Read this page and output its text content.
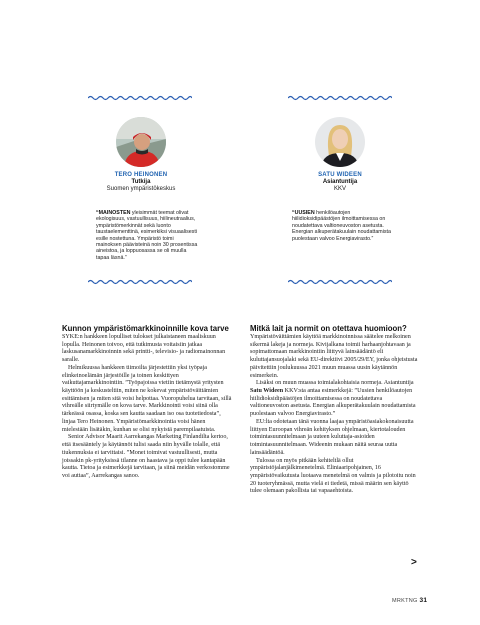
TERO HEINONEN
Tutkija
Suomen ympäristökeskus
SATU WIDEEN
Asiantuntija
KKV
“MAINOSTEN yleisimmät teemat olivat ekologisuus, vastuullisuus, hiilineutraalius, ympäristömerkinnät sekä luonto taustaelementtinä, esimerkiksi visuaalisesti esille nostettuna. Ympäristö toimi mainoksen päävisteinä noin 30 prosentissa aineistoa, ja loppuosassa se oli muulla tapaa läsnä.”
“UUSIEN henkilöautojen hiilidioksidipäästöjen ilmoittamisessa on noudatettava valtioneuvoston asetusta. Energian alkuperätakuulain noudattamista puolestaan valvoo Energiavirasto.”
Kunnon ympäristömarkkinoinnille kova tarve

SYKE:n hankkeen lopulliset tulokset julkaistaneen maaliskuun lopulla. Heinonen toivoo, että tutkimusta voitaisiin jatkaa laskusanamarkkinoinnin sekä printti-, televisio- ja radiomainonnan saralle.

Helmikuussa hankkeen tiimoilta järjestettiin yksi työpaja elinkeinoelämän järjestöille ja toinen keskittyen vaikuttajamarkkinointiin. ”Työpajoissa vietiin tietämystä yritysten käyttöön ja keskusteltiin, miten ne kokevat ympäristöväittämien esittämisen ja miten sitä voisi helpottaa. Vuoropuhelua tarvitaan, sillä vihreälle siirtymälle on kova tarve. Markkinointi voisi siinä olla tärkeässä osassa, koska sen kautta saadaan iso osa tuotetiedosta”, linjaa Tero Heinonen. Ympäristömarkkinointia voisi hänen mielestään lisätäkin, kunhan se olisi nykyistä parempilaatuista.

Senior Advisor Maarit Aarrekangas Marketing Finlandilta kertoo, että itsesääntely ja käytännöt tulisi saada niin hyvälle tolalle, että tiukennuksia ei tarvittaisi. ”Monet toimivat vastuullisesti, mutta joissakin pk-yrityksissä tilanne on haastava ja oppi tulee kantapään kautta. Tietoa ja esimerkkejä tarvitaan, ja siinä meidän verkostomme voi auttaa”, Aarrekangas sanoo.

Mitkä lait ja normit on otettava huomioon?

Ympäristöväittämien käyttöä markkinoinnissa säätelee melkoinen sikermä lakeja ja normeja. Kivijalkana toimii harhaanjohtavaan ja sopimattomaan markkinointiin liittyvä lainsäädäntö eli kuluttajansuojalaki sekä EU-direktiivi 2005/29/EY, jonka ohjeistusta päivitettiin joulukuussa 2021 muun muassa uusin käytännön esimerkein.

Lisäksi on muun muassa toimialakohtaisia normeja. Asiantuntija Satu Wideen KKV:sta antaa esimerkkejä: ”Uusien henkilöautojen hiilidioksidipäästöjen ilmoittamisessa on noudatettava valtioneuvoston asetusta. Energian alkuperätakuulain noudattamista puolestaan valvoo Energiavirasto.”

EU:lta odotetaan tänä vuonna laajaa ympäristöasiakokonaisuutta liittyen Euroopan vihreän kehityksen ohjelmaan, kiertotalouden toimintasuunnitelmaan ja uuteen kuluttaja-asioiden toimintasuunnitelmaan. Wideenin mukaan näitä seuraa uutta lainsäädäntöä.

Tulossa on myös pitkään kehiteltlä ollut ympäristöjalanjälkimenetelmä. Eliniaaripohjainen, 16 ympäristövaikutusta luotaava menetelmä on valmis ja pilotoitu noin 20 tuoteryhmässä, mutta vielä ei tiedetä, missä määrin sen käyttö tulee olemaan pakollista tai vapaaehtoista.

>
MRKTNG 31
